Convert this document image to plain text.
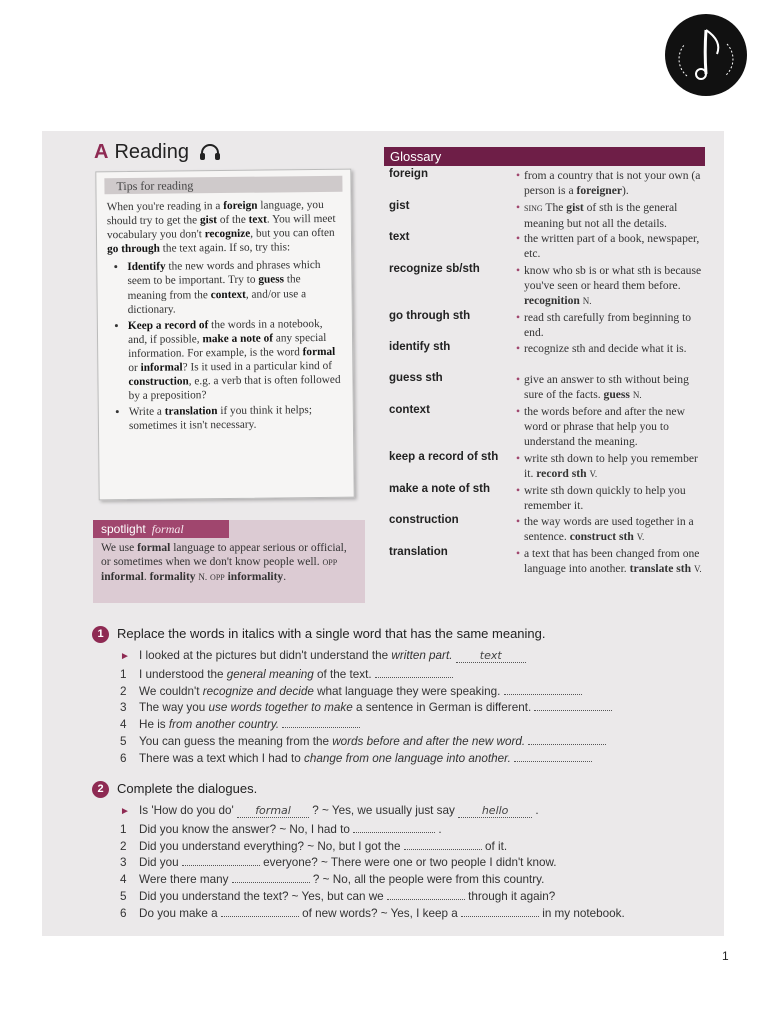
A Reading
Tips for reading
When you're reading in a foreign language, you should try to get the gist of the text. You will meet vocabulary you don't recognize, but you can often go through the text again. If so, try this:
• Identify the new words and phrases which seem to be important. Try to guess the meaning from the context, and/or use a dictionary.
• Keep a record of the words in a notebook, and, if possible, make a note of any special information. For example, is the word formal or informal? Is it used in a particular kind of construction, e.g. a verb that is often followed by a preposition?
• Write a translation if you think it helps; sometimes it isn't necessary.
spotlight formal
We use formal language to appear serious or official, or sometimes when we don't know people well. OPP informal. formality N. OPP informality.
Glossary
foreign	• from a country that is not your own (a person is a foreigner).
gist	• SING The gist of sth is the general meaning but not all the details.
text	• the written part of a book, newspaper, etc.
recognize sb/sth	• know who sb is or what sth is because you've seen or heard them before. recognition N.
go through sth	• read sth carefully from beginning to end.
identify sth	• recognize sth and decide what it is.
guess sth	• give an answer to sth without being sure of the facts. guess N.
context	• the words before and after the new word or phrase that help you to understand the meaning.
keep a record of sth • write sth down to help you remember it. record sth V.
make a note of sth	• write sth down quickly to help you remember it.
construction	• the way words are used together in a sentence. construct sth V.
translation	• a text that has been changed from one language into another. translate sth V.
1 Replace the words in italics with a single word that has the same meaning.
► I looked at the pictures but didn't understand the written part. text
1 I understood the general meaning of the text.
2 We couldn't recognize and decide what language they were speaking.
3 The way you use words together to make a sentence in German is different.
4 He is from another country.
5 You can guess the meaning from the words before and after the new word.
6 There was a text which I had to change from one language into another.
2 Complete the dialogues.
► Is 'How do you do' formal ? ~ Yes, we usually just say hello .
1 Did you know the answer? ~ No, I had to	.
2 Did you understand everything? ~ No, but I got the	of it.
3 Did you	everyone? ~ There were one or two people I didn't know.
4 Were there many	? ~ No, all the people were from this country.
5 Did you understand the text? ~ Yes, but can we	through it again?
6 Do you make a	of new words? ~ Yes, I keep a	in my notebook.
1
